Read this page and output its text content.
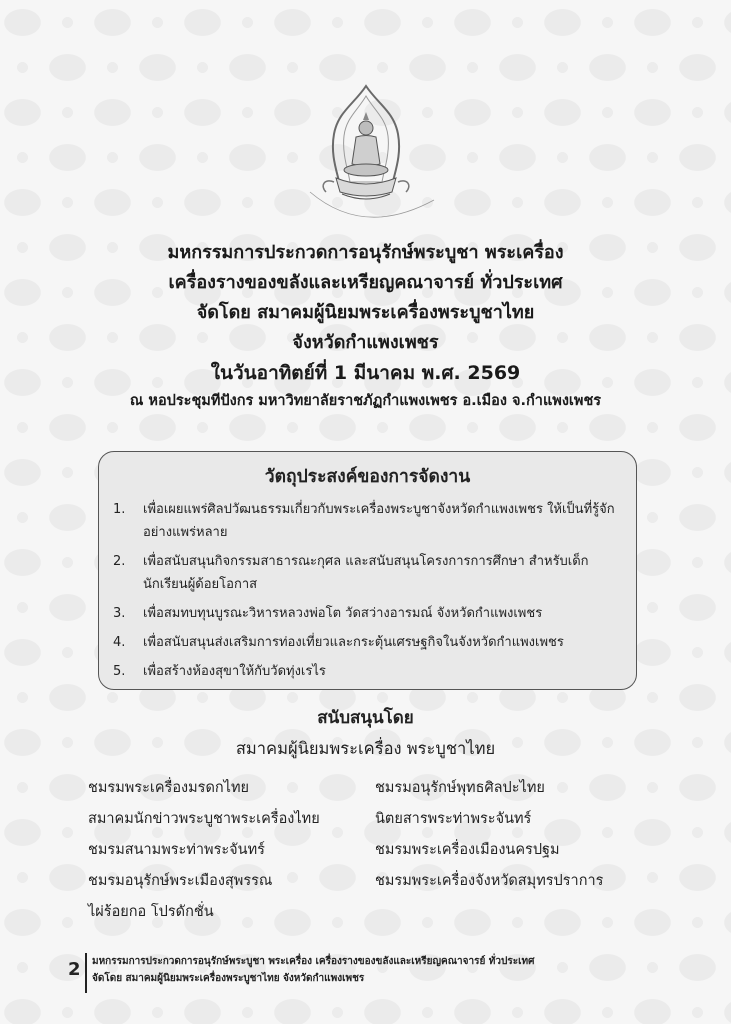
มหกรรมการประกวดการอนุรักษ์พระบูชา พระเครื่อง
เครื่องรางของขลังและเหรียญคณาจารย์ ทั่วประเทศ
จัดโดย สมาคมผู้นิยมพระเครื่องพระบูชาไทย
จังหวัดกำแพงเพชร
ในวันอาทิตย์ที่ 1 มีนาคม พ.ศ. 2569
ณ หอประชุมทีปังกร มหาวิทยาลัยราชภัฏกำแพงเพชร อ.เมือง จ.กำแพงเพชร
วัตถุประสงค์ของการจัดงาน
1.	เพื่อเผยแพร่ศิลปวัฒนธรรมเกี่ยวกับพระเครื่องพระบูชาจังหวัดกำแพงเพชร ให้เป็นที่รู้จักอย่างแพร่หลาย
2.	เพื่อสนับสนุนกิจกรรมสาธารณะกุศล และสนับสนุนโครงการการศึกษา สำหรับเด็กนักเรียนผู้ด้อยโอกาส
3.	เพื่อสมทบทุนบูรณะวิหารหลวงพ่อโต วัดสว่างอารมณ์ จังหวัดกำแพงเพชร
4.	เพื่อสนับสนุนส่งเสริมการท่องเที่ยวและกระตุ้นเศรษฐกิจในจังหวัดกำแพงเพชร
5.	เพื่อสร้างห้องสุขาให้กับวัดทุ่งเรไร
สนับสนุนโดย
สมาคมผู้นิยมพระเครื่อง พระบูชาไทย
ชมรมพระเครื่องมรดกไทย
สมาคมนักข่าวพระบูชาพระเครื่องไทย
ชมรมสนามพระท่าพระจันทร์
ชมรมอนุรักษ์พระเมืองสุพรรณ
ไผ่ร้อยกอ โปรดักชั่น
ชมรมอนุรักษ์พุทธศิลปะไทย
นิตยสารพระท่าพระจันทร์
ชมรมพระเครื่องเมืองนครปฐม
ชมรมพระเครื่องจังหวัดสมุทรปราการ
2 มหกรรมการประกวดการอนุรักษ์พระบูชา พระเครื่อง เครื่องรางของขลังและเหรียญคณาจารย์ ทั่วประเทศ
จัดโดย สมาคมผู้นิยมพระเครื่องพระบูชาไทย จังหวัดกำแพงเพชร
